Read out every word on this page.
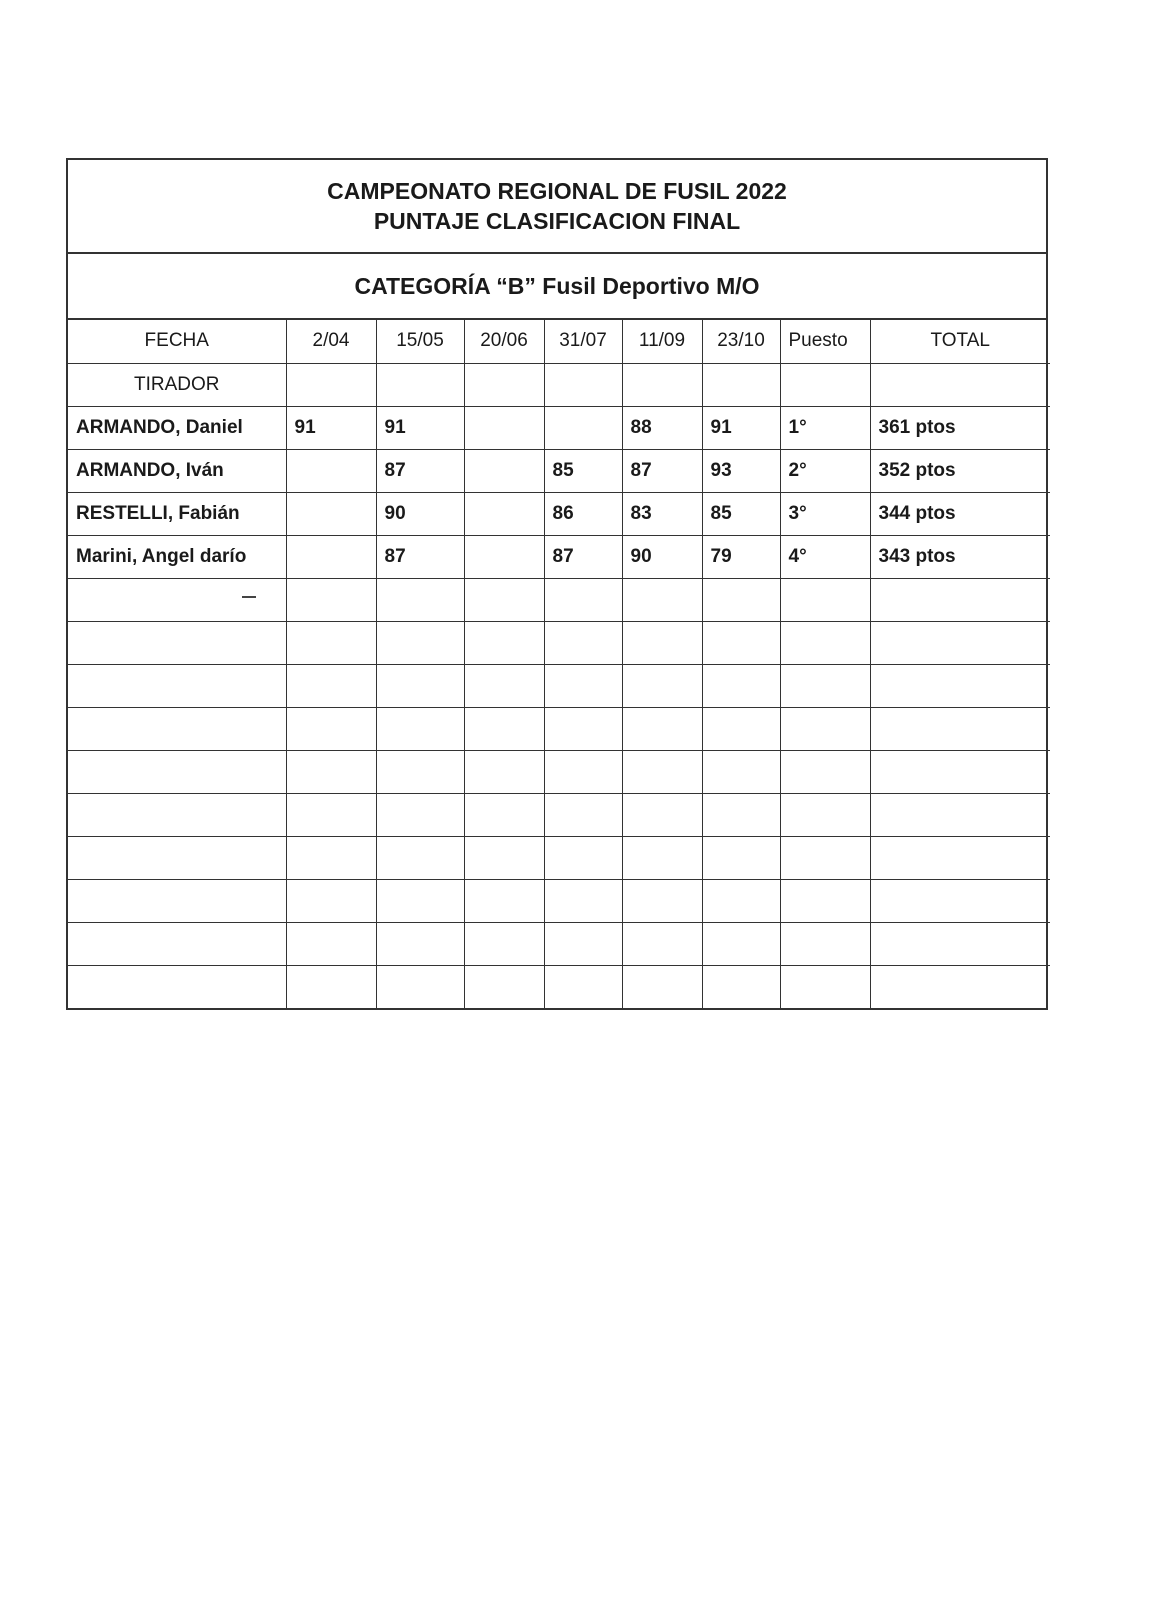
CAMPEONATO REGIONAL DE FUSIL 2022
PUNTAJE CLASIFICACION FINAL
CATEGORÍA “B” Fusil Deportivo M/O
FECHA	2/04	15/05	20/06	31/07	11/09	23/10	Puesto	TOTAL
TIRADOR								
ARMANDO, Daniel	91	91			88	91	1°	361 ptos
ARMANDO, Iván		87		85	87	93	2°	352 ptos
RESTELLI, Fabián		90		86	83	85	3°	344 ptos
Marini, Angel darío		87		87	90	79	4°	343 ptos
